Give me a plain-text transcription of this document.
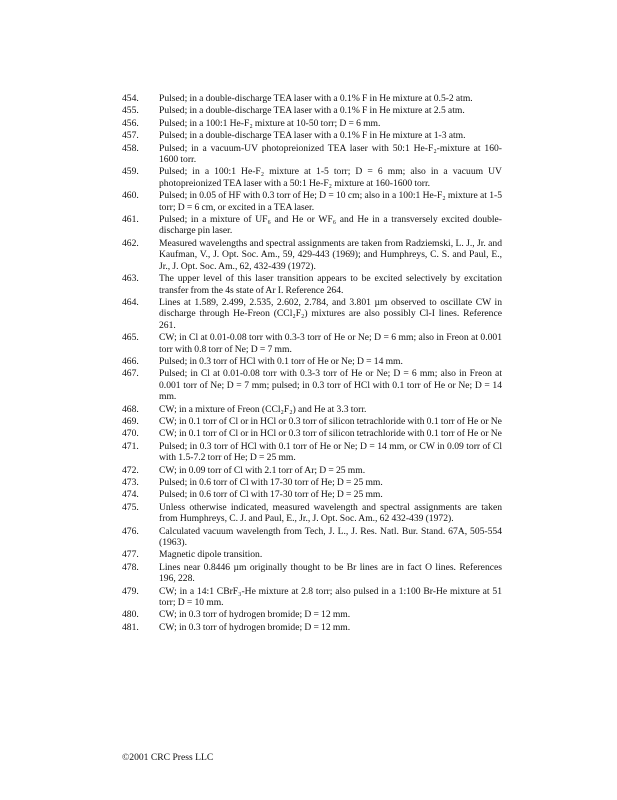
454.	Pulsed; in a double-discharge TEA laser with a 0.1% F in He mixture at 0.5-2 atm.
455.	Pulsed; in a double-discharge TEA laser with a 0.1% F in He mixture at 2.5 atm.
456.	Pulsed; in a 100:1 He-F₂ mixture at 10-50 torr; D = 6 mm.
457.	Pulsed; in a double-discharge TEA laser with a 0.1% F in He mixture at 1-3 atm.
458.	Pulsed; in a vacuum-UV photopreionized TEA laser with 50:1 He-F₂-mixture at 160-1600 torr.
459.	Pulsed; in a 100:1 He-F₂ mixture at 1-5 torr; D = 6 mm; also in a vacuum UV photopreionized TEA laser with a 50:1 He-F₂ mixture at 160-1600 torr.
460.	Pulsed; in 0.05 of HF with 0.3 torr of He; D = 10 cm; also in a 100:1 He-F₂ mixture at 1-5 torr; D = 6 cm, or excited in a TEA laser.
461.	Pulsed; in a mixture of UF₆ and He or WF₆ and He in a transversely excited double-discharge pin laser.
462.	Measured wavelengths and spectral assignments are taken from Radziemski, L. J., Jr. and Kaufman, V., J. Opt. Soc. Am., 59, 429-443 (1969); and Humphreys, C. S. and Paul, E., Jr., J. Opt. Soc. Am., 62, 432-439 (1972).
463.	The upper level of this laser transition appears to be excited selectively by excitation transfer from the 4s state of Ar I. Reference 264.
464.	Lines at 1.589, 2.499, 2.535, 2.602, 2.784, and 3.801 µm observed to oscillate CW in discharge through He-Freon (CCl₂F₂) mixtures are also possibly Cl-I lines. Reference 261.
465.	CW; in Cl at 0.01-0.08 torr with 0.3-3 torr of He or Ne; D = 6 mm; also in Freon at 0.001 torr with 0.8 torr of Ne; D = 7 mm.
466.	Pulsed; in 0.3 torr of HCl with 0.1 torr of He or Ne; D = 14 mm.
467.	Pulsed; in Cl at 0.01-0.08 torr with 0.3-3 torr of He or Ne; D = 6 mm; also in Freon at 0.001 torr of Ne; D = 7 mm; pulsed; in 0.3 torr of HCl with 0.1 torr of He or Ne; D = 14 mm.
468.	CW; in a mixture of Freon (CCl₂F₂) and He at 3.3 torr.
469.	CW; in 0.1 torr of Cl or in HCl or 0.3 torr of silicon tetrachloride with 0.1 torr of He or Ne
470.	CW; in 0.1 torr of Cl or in HCl or 0.3 torr of silicon tetrachloride with 0.1 torr of He or Ne
471.	Pulsed; in 0.3 torr of HCl with 0.1 torr of He or Ne; D = 14 mm, or CW in 0.09 torr of Cl with 1.5-7.2 torr of He; D = 25 mm.
472.	CW; in 0.09 torr of Cl with 2.1 torr of Ar; D = 25 mm.
473.	Pulsed; in 0.6 torr of Cl with 17-30 torr of He; D = 25 mm.
474.	Pulsed; in 0.6 torr of Cl with 17-30 torr of He; D = 25 mm.
475.	Unless otherwise indicated, measured wavelength and spectral assignments are taken from Humphreys, C. J. and Paul, E., Jr., J. Opt. Soc. Am., 62 432-439 (1972).
476.	Calculated vacuum wavelength from Tech, J. L., J. Res. Natl. Bur. Stand. 67A, 505-554 (1963).
477.	Magnetic dipole transition.
478.	Lines near 0.8446 µm originally thought to be Br lines are in fact O lines. References 196, 228.
479.	CW; in a 14:1 CBrF₃-He mixture at 2.8 torr; also pulsed in a 1:100 Br-He mixture at 51 torr; D = 10 mm.
480.	CW; in 0.3 torr of hydrogen bromide; D = 12 mm.
481.	CW; in 0.3 torr of hydrogen bromide; D = 12 mm.
©2001 CRC Press LLC
